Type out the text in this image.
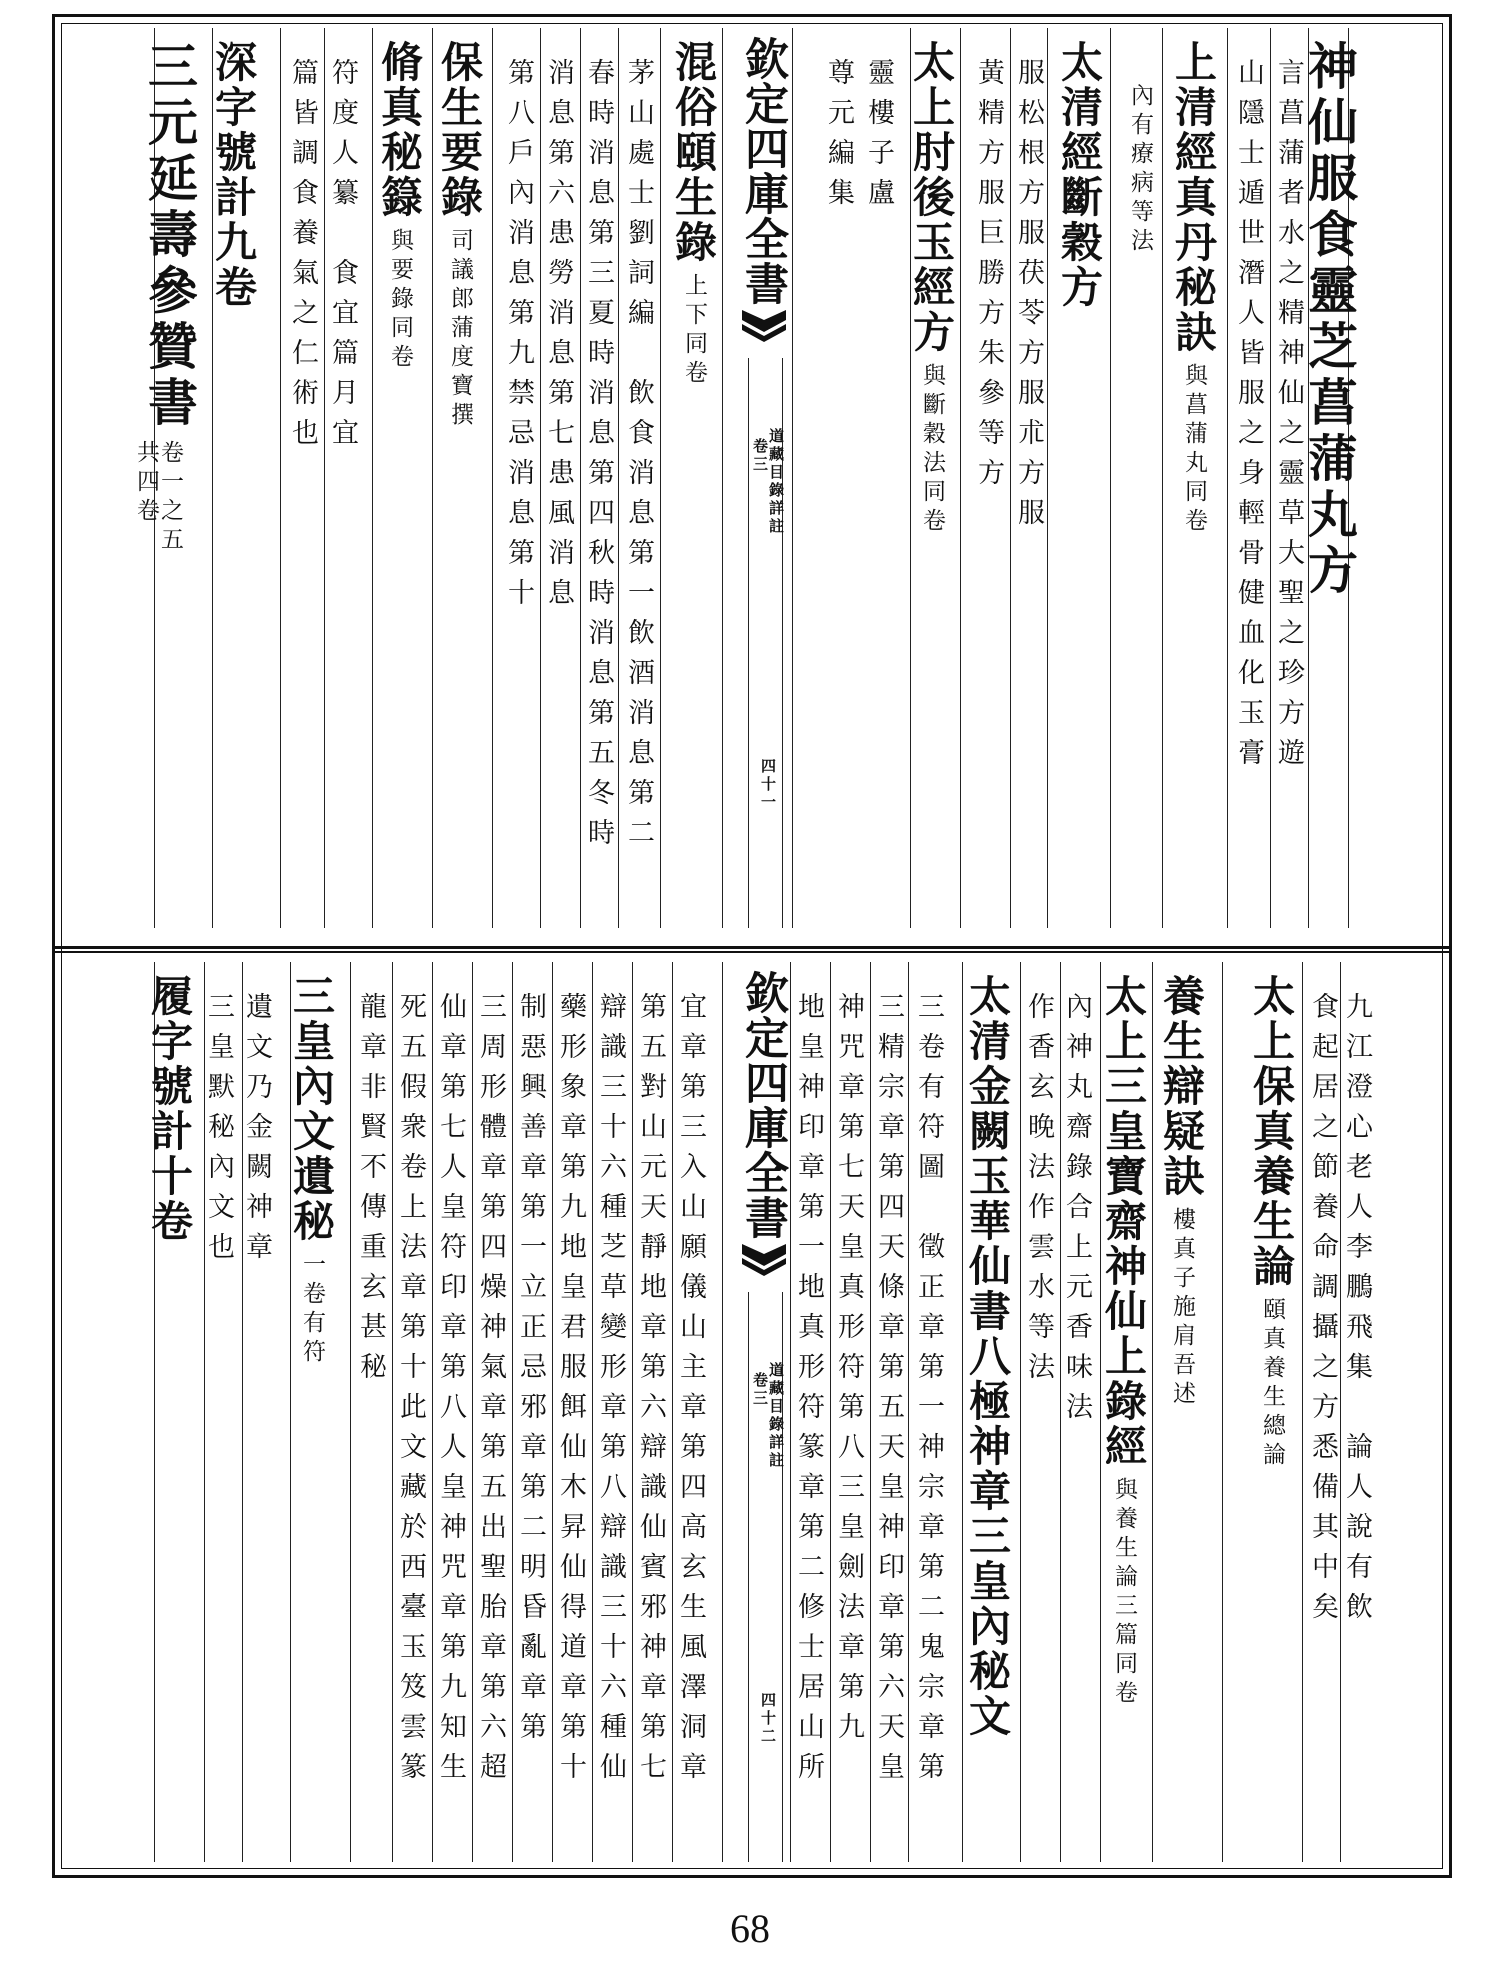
神仙服食靈芝菖蒲丸方
言菖蒲者水之精神仙之靈草大聖之珍方遊
山隱士遁世潛人皆服之身輕骨健血化玉膏
上清經真丹秘訣
與菖蒲丸同卷
內有療病等法
太清經斷穀方
服松根方服茯苓方服朮方服
黃精方服巨勝方朱參等方
太上肘後玉經方
與斷穀法同卷
靈樓子盧
尊元編集
欽定四庫全書
道藏目錄詳註
卷三
四十一
混俗頤生錄
上下同卷
茅山處士劉詞編　飲食消息第一飲酒消息第二
春時消息第三夏時消息第四秋時消息第五冬時
消息第六患勞消息第七患風消息
第八戶內消息第九禁忌消息第十
保生要錄
司議郎蒲度寶撰
脩真秘籙
與要錄同卷
符度人纂　食宜篇月宜
篇皆調食養氣之仁術也
深字號計九卷
三元延壽參贊書
卷一之五
共四卷
九江澄心老人李鵬飛集　論人說有飲
食起居之節養命調攝之方悉備其中矣
太上保真養生論
頤真養生總論
養生辯疑訣
樓真子施肩吾述
太上三皇寶齋神仙上錄經
與養生論三篇同卷
內神丸齋錄合上元香味法
作香玄晚法作雲水等法
太清金闕玉華仙書八極神章三皇內秘文
三卷有符圖　徵正章第一神宗章第二鬼宗章第
三精宗章第四天條章第五天皇神印章第六天皇
神咒章第七天皇真形符第八三皇劍法章第九
地皇神印章第一地真形符篆章第二修士居山所
欽定四庫全書
道藏目錄詳註
卷三
四十二
宜章第三入山願儀山主章第四高玄生風澤洞章
第五對山元天靜地章第六辯識仙賓邪神章第七
辯識三十六種芝草變形章第八辯識三十六種仙
藥形象章第九地皇君服餌仙木昇仙得道章第十
制惡興善章第一立正忌邪章第二明昏亂章第
三周形體章第四燥神氣章第五出聖胎章第六超
仙章第七人皇符印章第八人皇神咒章第九知生
死五假衆卷上法章第十此文藏於西臺玉笈雲篆
龍章非賢不傳重玄甚秘
三皇內文遺秘
一卷有符
遺文乃金闕神章
三皇默秘內文也
履字號計十卷
68
